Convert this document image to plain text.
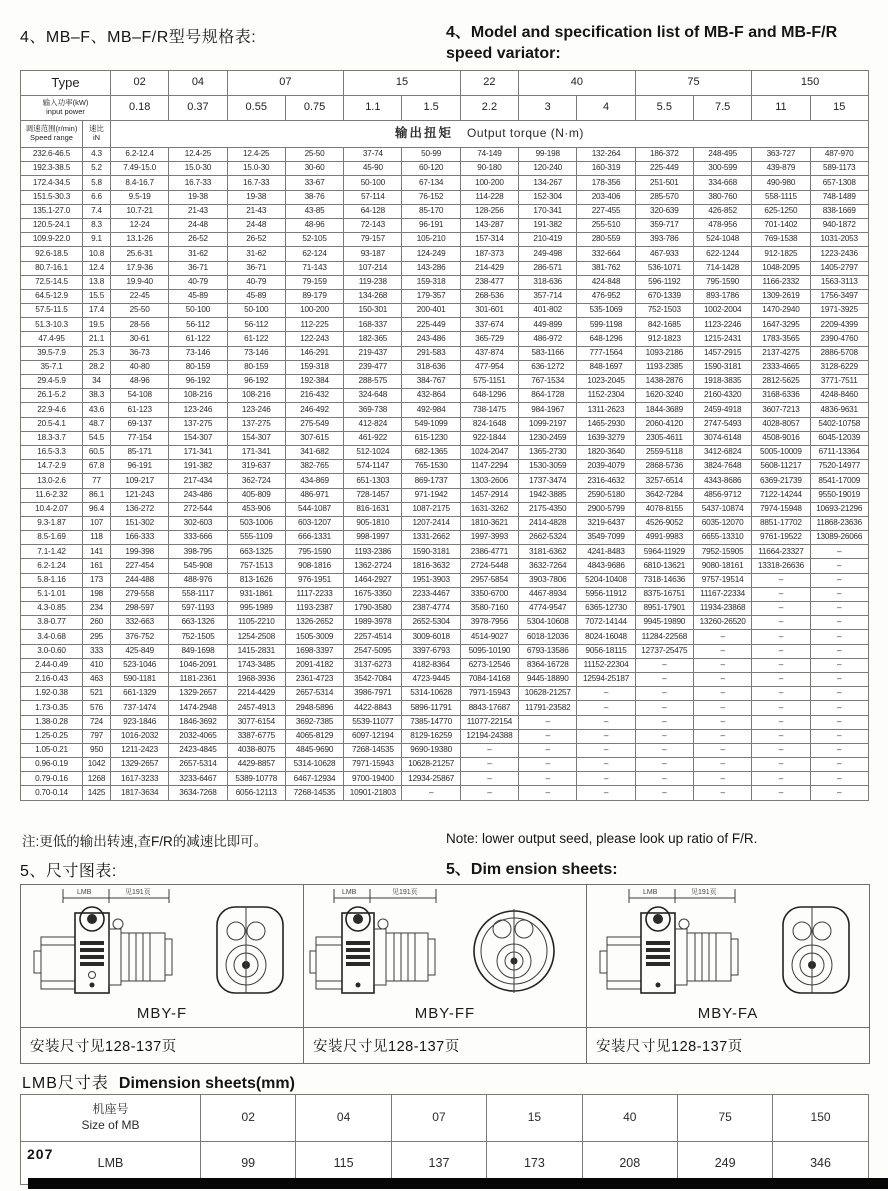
4、MB–F、MB–F/R型号规格表:	4、Model and specification list of MB-F and MB-F/R speed variator:
Type		02	04	07		15		22	40		75		150	
输入功率(kW)
input power		0.18	0.37	0.55	0.75	1.1	1.5	2.2	3	4	5.5	7.5	11	15
调速范围(r/min)
Speed range	速比
iN	输出扭矩 Output torque (N·m)												
232.6-46.5	4.3	6.2-12.4	12.4-25	12.4-25	25-50	37-74	50-99	74-149	99-198	132-264	186-372	248-495	363-727	487-970
192.3-38.5	5.2	7.49-15.0	15.0-30	15.0-30	30-60	45-90	60-120	90-180	120-240	160-319	225-449	300-599	439-879	589-1173
172.4-34.5	5.8	8.4-16.7	16.7-33	16.7-33	33-67	50-100	67-134	100-200	134-267	178-356	251-501	334-668	490-980	657-1308
151.5-30.3	6.6	9.5-19	19-38	19-38	38-76	57-114	76-152	114-228	152-304	203-406	285-570	380-760	558-1115	748-1489
135.1-27.0	7.4	10.7-21	21-43	21-43	43-85	64-128	85-170	128-256	170-341	227-455	320-639	426-852	625-1250	838-1669
120.5-24.1	8.3	12-24	24-48	24-48	48-96	72-143	96-191	143-287	191-382	255-510	359-717	478-956	701-1402	940-1872
109.9-22.0	9.1	13.1-26	26-52	26-52	52-105	79-157	105-210	157-314	210-419	280-559	393-786	524-1048	769-1538	1031-2053
92.6-18.5	10.8	25.6-31	31-62	31-62	62-124	93-187	124-249	187-373	249-498	332-664	467-933	622-1244	912-1825	1223-2436
80.7-16.1	12.4	17.9-36	36-71	36-71	71-143	107-214	143-286	214-429	286-571	381-762	536-1071	714-1428	1048-2095	1405-2797
72.5-14.5	13.8	19.9-40	40-79	40-79	79-159	119-238	159-318	238-477	318-636	424-848	596-1192	795-1590	1166-2332	1563-3113
64.5-12.9	15.5	22-45	45-89	45-89	89-179	134-268	179-357	268-536	357-714	476-952	670-1339	893-1786	1309-2619	1756-3497
57.5-11.5	17.4	25-50	50-100	50-100	100-200	150-301	200-401	301-601	401-802	535-1069	752-1503	1002-2004	1470-2940	1971-3925
51.3-10.3	19.5	28-56	56-112	56-112	112-225	168-337	225-449	337-674	449-899	599-1198	842-1685	1123-2246	1647-3295	2209-4399
47.4-95	21.1	30-61	61-122	61-122	122-243	182-365	243-486	365-729	486-972	648-1296	912-1823	1215-2431	1783-3565	2390-4760
39.5-7.9	25.3	36-73	73-146	73-146	146-291	219-437	291-583	437-874	583-1166	777-1564	1093-2186	1457-2915	2137-4275	2886-5708
35-7.1	28.2	40-80	80-159	80-159	159-318	239-477	318-636	477-954	636-1272	848-1697	1193-2385	1590-3181	2333-4665	3128-6229
29.4-5.9	34	48-96	96-192	96-192	192-384	288-575	384-767	575-1151	767-1534	1023-2045	1438-2876	1918-3835	2812-5625	3771-7511
26.1-5.2	38.3	54-108	108-216	108-216	216-432	324-648	432-864	648-1296	864-1728	1152-2304	1620-3240	2160-4320	3168-6336	4248-8460
22.9-4.6	43.6	61-123	123-246	123-246	246-492	369-738	492-984	738-1475	984-1967	1311-2623	1844-3689	2459-4918	3607-7213	4836-9631
20.5-4.1	48.7	69-137	137-275	137-275	275-549	412-824	549-1099	824-1648	1099-2197	1465-2930	2060-4120	2747-5493	4028-8057	5402-10758
18.3-3.7	54.5	77-154	154-307	154-307	307-615	461-922	615-1230	922-1844	1230-2459	1639-3279	2305-4611	3074-6148	4508-9016	6045-12039
16.5-3.3	60.5	85-171	171-341	171-341	341-682	512-1024	682-1365	1024-2047	1365-2730	1820-3640	2559-5118	3412-6824	5005-10009	6711-13364
14.7-2.9	67.8	96-191	191-382	319-637	382-765	574-1147	765-1530	1147-2294	1530-3059	2039-4079	2868-5736	3824-7648	5608-11217	7520-14977
13.0-2.6	77	109-217	217-434	362-724	434-869	651-1303	869-1737	1303-2606	1737-3474	2316-4632	3257-6514	4343-8686	6369-21739	8541-17009
11.6-2.32	86.1	121-243	243-486	405-809	486-971	728-1457	971-1942	1457-2914	1942-3885	2590-5180	3642-7284	4856-9712	7122-14244	9550-19019
10.4-2.07	96.4	136-272	272-544	453-906	544-1087	816-1631	1087-2175	1631-3262	2175-4350	2900-5799	4078-8155	5437-10874	7974-15948	10693-21296
9.3-1.87	107	151-302	302-603	503-1006	603-1207	905-1810	1207-2414	1810-3621	2414-4828	3219-6437	4526-9052	6035-12070	8851-17702	11868-23636
8.5-1.69	118	166-333	333-666	555-1109	666-1331	998-1997	1331-2662	1997-3993	2662-5324	3549-7099	4991-9983	6655-13310	9761-19522	13089-26066
7.1-1.42	141	199-398	398-795	663-1325	795-1590	1193-2386	1590-3181	2386-4771	3181-6362	4241-8483	5964-11929	7952-15905	11664-23327	–
6.2-1.24	161	227-454	545-908	757-1513	908-1816	1362-2724	1816-3632	2724-5448	3632-7264	4843-9686	6810-13621	9080-18161	13318-26636	–
5.8-1.16	173	244-488	488-976	813-1626	976-1951	1464-2927	1951-3903	2957-5854	3903-7806	5204-10408	7318-14636	9757-19514	–	–
5.1-1.01	198	279-558	558-1117	931-1861	1117-2233	1675-3350	2233-4467	3350-6700	4467-8934	5956-11912	8375-16751	11167-22334	–	–
4.3-0.85	234	298-597	597-1193	995-1989	1193-2387	1790-3580	2387-4774	3580-7160	4774-9547	6365-12730	8951-17901	11934-23868	–	–
3.8-0.77	260	332-663	663-1326	1105-2210	1326-2652	1989-3978	2652-5304	3978-7956	5304-10608	7072-14144	9945-19890	13260-26520	–	–
3.4-0.68	295	376-752	752-1505	1254-2508	1505-3009	2257-4514	3009-6018	4514-9027	6018-12036	8024-16048	11284-22568	–	–	–
3.0-0.60	333	425-849	849-1698	1415-2831	1698-3397	2547-5095	3397-6793	5095-10190	6793-13586	9056-18115	12737-25475	–	–	–
2.44-0.49	410	523-1046	1046-2091	1743-3485	2091-4182	3137-6273	4182-8364	6273-12546	8364-16728	11152-22304	–	–	–	–
2.16-0.43	463	590-1181	1181-2361	1968-3936	2361-4723	3542-7084	4723-9445	7084-14168	9445-18890	12594-25187	–	–	–	–
1.92-0.38	521	661-1329	1329-2657	2214-4429	2657-5314	3986-7971	5314-10628	7971-15943	10628-21257	–	–	–	–	–
1.73-0.35	576	737-1474	1474-2948	2457-4913	2948-5896	4422-8843	5896-11791	8843-17687	11791-23582	–	–	–	–	–
1.38-0.28	724	923-1846	1846-3692	3077-6154	3692-7385	5539-11077	7385-14770	11077-22154	–	–	–	–	–	–
1.25-0.25	797	1016-2032	2032-4065	3387-6775	4065-8129	6097-12194	8129-16259	12194-24388	–	–	–	–	–	–
1.05-0.21	950	1211-2423	2423-4845	4038-8075	4845-9690	7268-14535	9690-19380	–	–	–	–	–	–	–
0.96-0.19	1042	1329-2657	2657-5314	4429-8857	5314-10628	7971-15943	10628-21257	–	–	–	–	–	–	–
0.79-0.16	1268	1617-3233	3233-6467	5389-10778	6467-12934	9700-19400	12934-25867	–	–	–	–	–	–	–
0.70-0.14	1425	1817-3634	3634-7268	6056-12113	7268-14535	10901-21803	–	–	–	–	–	–	–	–
注:更低的输出转速,查F/R的减速比即可。	Note: lower output seed, please look up ratio of F/R.
5、尺寸图表:	5、Dim ension sheets:
LMB	见191页
MBY-F
安装尺寸见128-137页
LMB	见191页
MBY-FF
安装尺寸见128-137页
LMB	见191页
MBY-FA
安装尺寸见128-137页
LMB尺寸表 Dimension sheets(mm)
机座号
Size of MB	02	04	07	15	40	75	150
LMB	99	115	137	173	208	249	346
207
